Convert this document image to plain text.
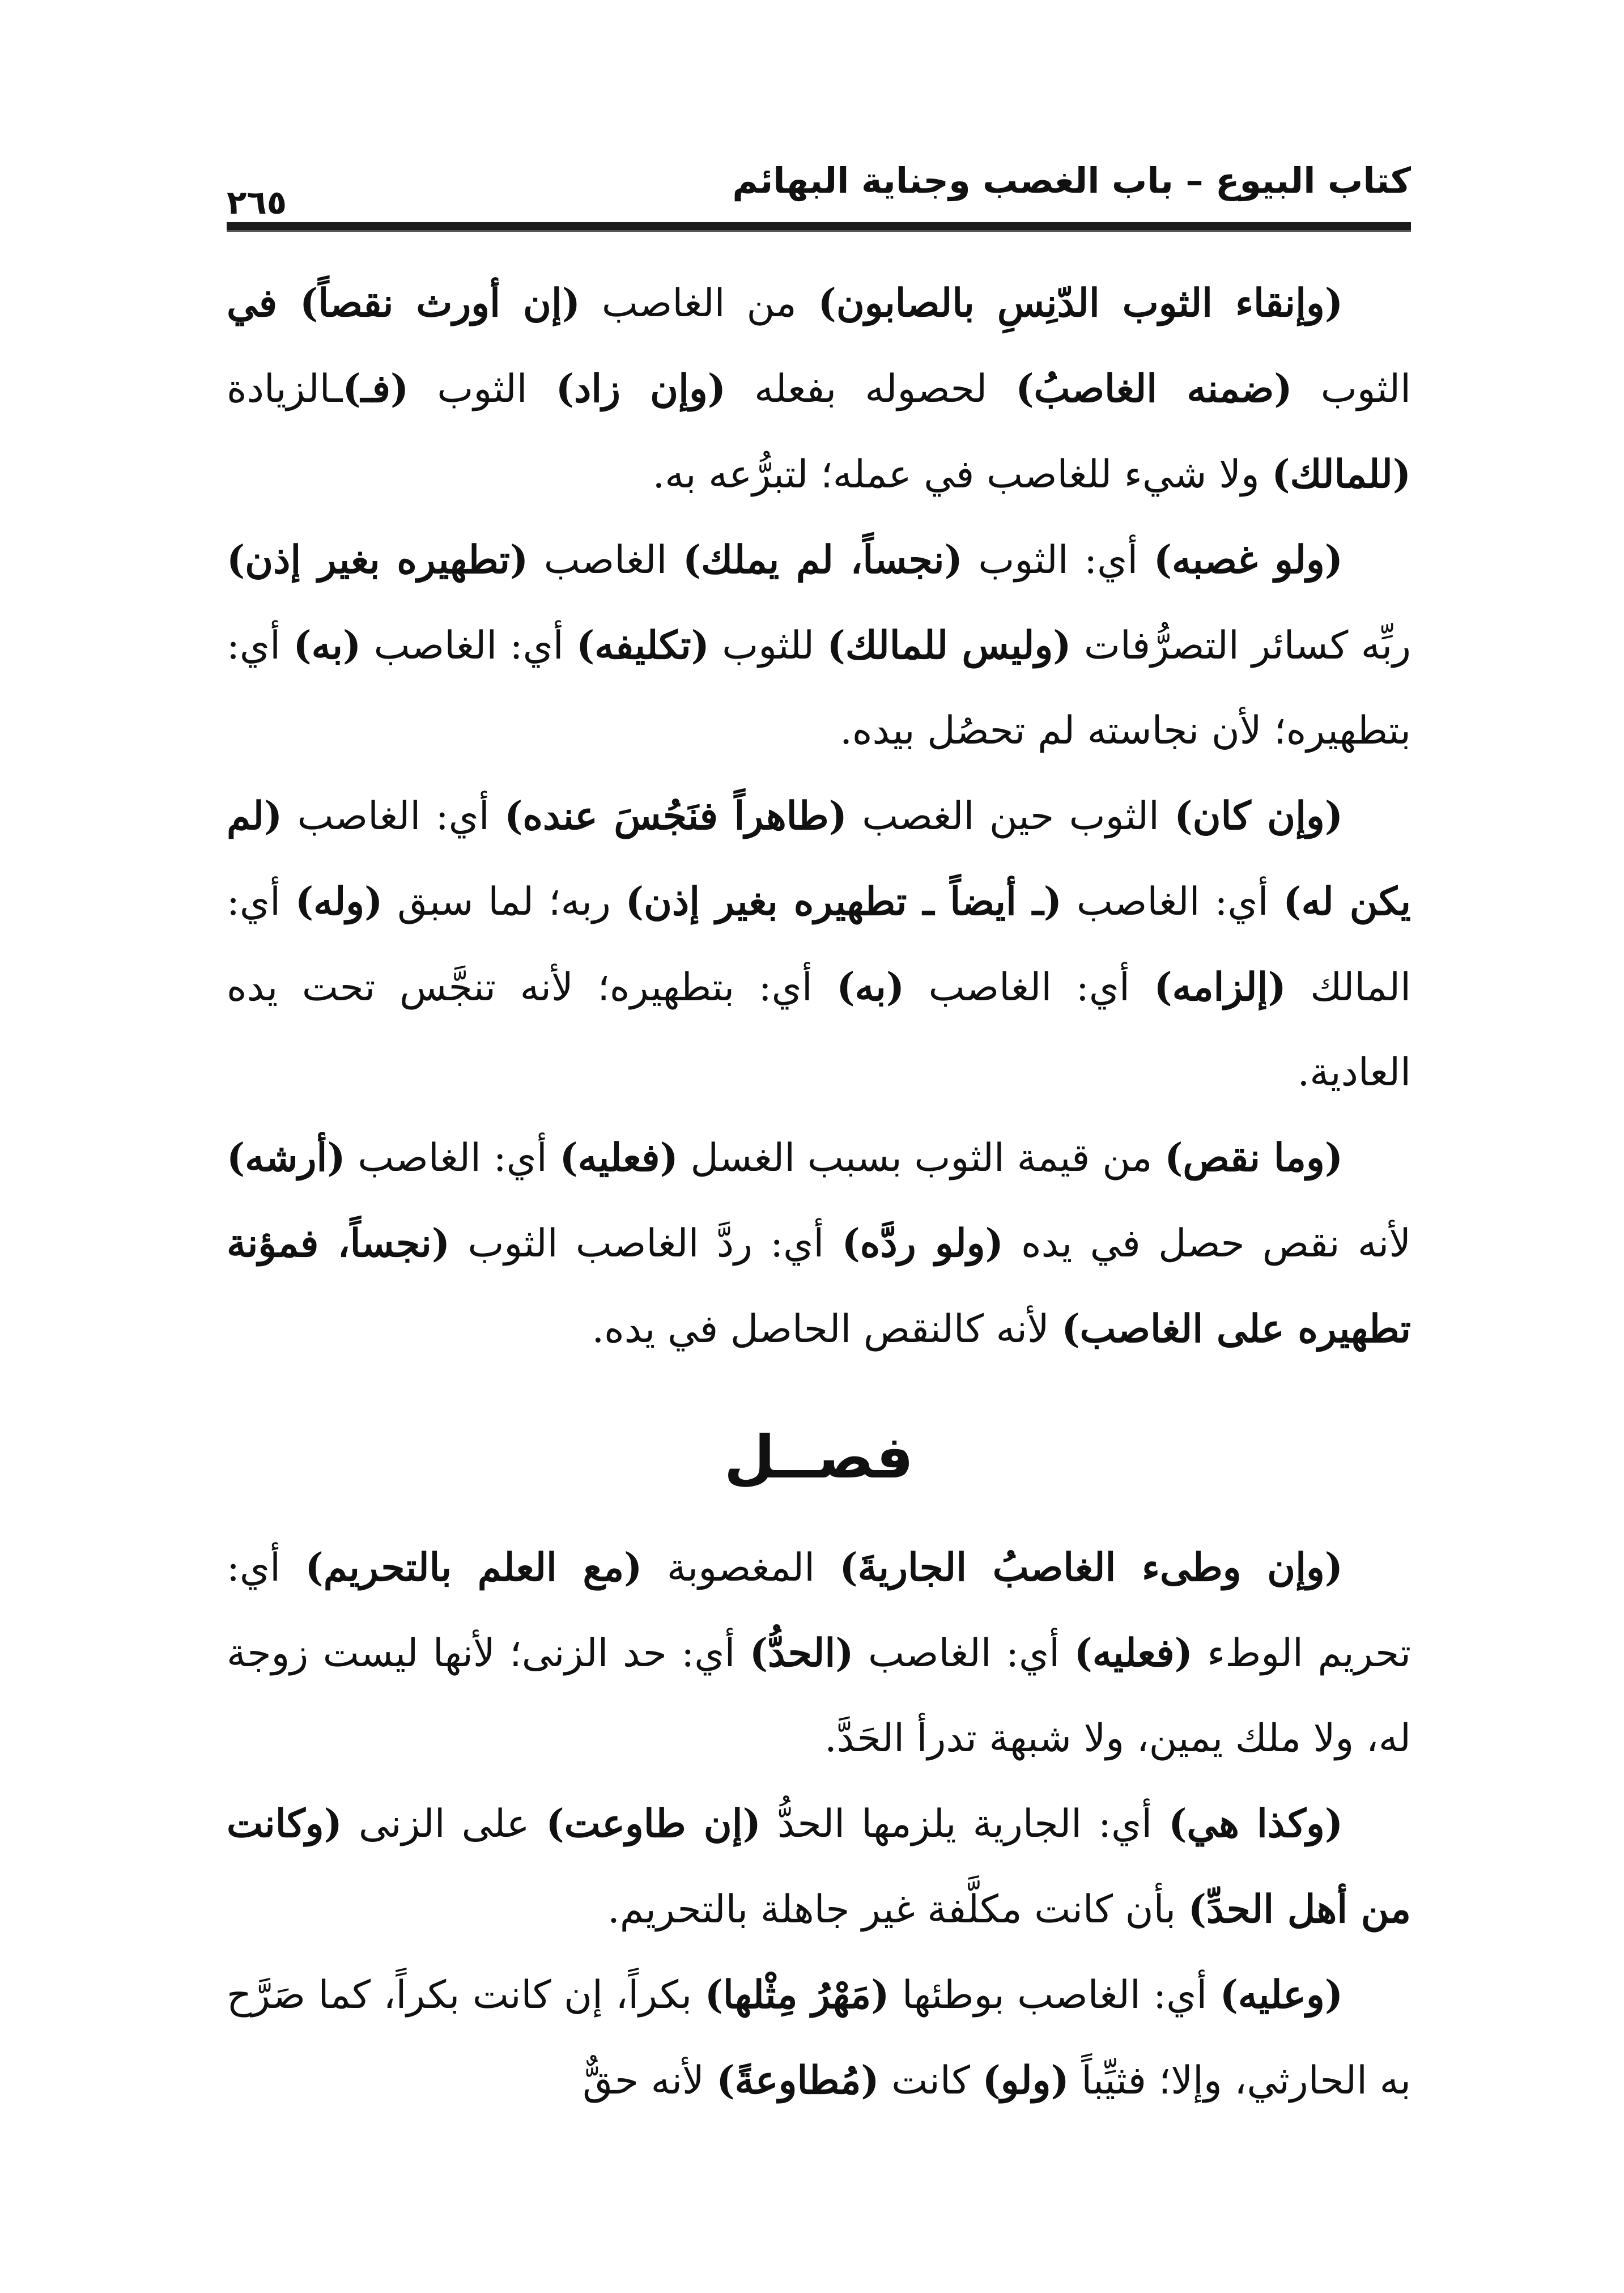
٢٦٥
كتاب البيوع – باب الغصب وجناية البهائم

(وإنقاء الثوب الدّنِسِ بالصابون) من الغاصب (إن أورث نقصاً) في الثوب (ضمنه الغاصبُ) لحصوله بفعله (وإن زاد) الثوب (فـ)ـالزيادة (للمالك) ولا شيء للغاصب في عمله؛ لتبرُّعه به.

(ولو غصبه) أي: الثوب (نجساً، لم يملك) الغاصب (تطهيره بغير إذن) ربِّه كسائر التصرُّفات (وليس للمالك) للثوب (تكليفه) أي: الغاصب (به) أي: بتطهيره؛ لأن نجاسته لم تحصُل بيده.

(وإن كان) الثوب حين الغصب (طاهراً فنَجُسَ عنده) أي: الغاصب (لم يكن له) أي: الغاصب (ـ أيضاً ـ تطهيره بغير إذن) ربه؛ لما سبق (وله) أي: المالك (إلزامه) أي: الغاصب (به) أي: بتطهيره؛ لأنه تنجَّس تحت يده العادية.

(وما نقص) من قيمة الثوب بسبب الغسل (فعليه) أي: الغاصب (أرشه) لأنه نقص حصل في يده (ولو ردَّه) أي: ردَّ الغاصب الثوب (نجساً، فمؤنة تطهيره على الغاصب) لأنه كالنقص الحاصل في يده.

فصــل

(وإن وطىء الغاصبُ الجاريةَ) المغصوبة (مع العلم بالتحريم) أي: تحريم الوطء (فعليه) أي: الغاصب (الحدُّ) أي: حد الزنى؛ لأنها ليست زوجة له، ولا ملك يمين، ولا شبهة تدرأ الحَدَّ.

(وكذا هي) أي: الجارية يلزمها الحدُّ (إن طاوعت) على الزنى (وكانت من أهل الحدِّ) بأن كانت مكلَّفة غير جاهلة بالتحريم.

(وعليه) أي: الغاصب بوطئها (مَهْرُ مِثْلها) بكراً، إن كانت بكراً، كما صَرَّح به الحارثي، وإلا؛ فثيِّباً (ولو) كانت (مُطاوعةً) لأنه حقٌّ
